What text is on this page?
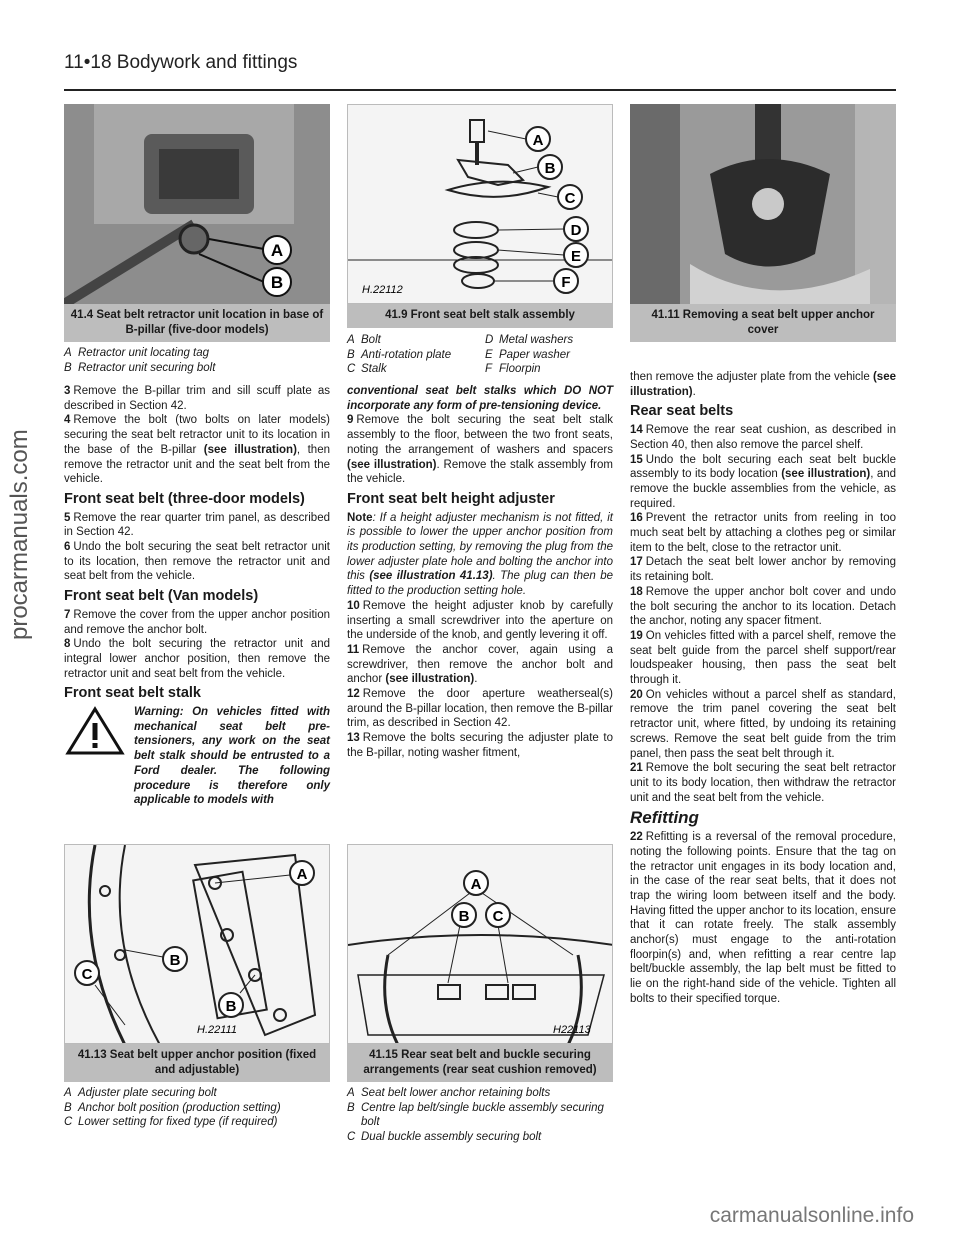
11•18 Bodywork and fittings
A
B
41.4 Seat belt retractor unit location in base of B-pillar (five-door models)
A Retractor unit locating tag
B Retractor unit securing bolt
A
B
C
D
E
F
H.22112
41.9 Front seat belt stalk assembly
A Bolt	D Metal washers
B Anti-rotation plate	E Paper washer
C Stalk	F Floorpin
41.11 Removing a seat belt upper anchor cover

3 Remove the B-pillar trim and sill scuff plate as described in Section 42.

4 Remove the bolt (two bolts on later models) securing the seat belt retractor unit to its location in the base of the B-pillar (see illustration), then remove the retractor unit and the seat belt from the vehicle.

Front seat belt (three-door models)

5 Remove the rear quarter trim panel, as described in Section 42.

6 Undo the bolt securing the seat belt retractor unit to its location, then remove the retractor unit and seat belt from the vehicle.

Front seat belt (Van models)

7 Remove the cover from the upper anchor position and remove the anchor bolt.

8 Undo the bolt securing the retractor unit and integral lower anchor position, then remove the retractor unit and seat belt from the vehicle.

Front seat belt stalk

Warning: On vehicles fitted with mechanical seat belt pre-tensioners, any work on the seat belt stalk should be entrusted to a Ford dealer. The following procedure is therefore only applicable to models with

conventional seat belt stalks which DO NOT incorporate any form of pre-tensioning device.

9 Remove the bolt securing the seat belt stalk assembly to the floor, between the two front seats, noting the arrangement of washers and spacers (see illustration). Remove the stalk assembly from the vehicle.

Front seat belt height adjuster

Note: If a height adjuster mechanism is not fitted, it is possible to lower the upper anchor position from its production setting, by removing the plug from the lower adjuster plate hole and bolting the anchor into this (see illustration 41.13). The plug can then be fitted to the production setting hole.

10 Remove the height adjuster knob by carefully inserting a small screwdriver into the aperture on the underside of the knob, and gently levering it off.

11 Remove the anchor cover, again using a screwdriver, then remove the anchor bolt and anchor (see illustration).

12 Remove the door aperture weatherseal(s) around the B-pillar location, then remove the B-pillar trim, as described in Section 42.

13 Remove the bolts securing the adjuster plate to the B-pillar, noting washer fitment,

then remove the adjuster plate from the vehicle (see illustration).

Rear seat belts

14 Remove the rear seat cushion, as described in Section 40, then also remove the parcel shelf.

15 Undo the bolt securing each seat belt buckle assembly to its body location (see illustration), and remove the buckle assemblies from the vehicle, as required.

16 Prevent the retractor units from reeling in too much seat belt by attaching a clothes peg or similar item to the belt, close to the retractor unit.

17 Detach the seat belt lower anchor by removing its retaining bolt.

18 Remove the upper anchor bolt cover and undo the bolt securing the anchor to its location. Detach the anchor, noting any spacer fitment.

19 On vehicles fitted with a parcel shelf, remove the seat belt guide from the parcel shelf support/rear loudspeaker housing, then pass the seat belt through it.

20 On vehicles without a parcel shelf as standard, remove the trim panel covering the seat belt retractor unit, where fitted, by undoing its retaining screws. Remove the seat belt guide from the trim panel, then pass the seat belt through it.

21 Remove the bolt securing the seat belt retractor unit to its body location, then withdraw the retractor unit and the seat belt from the vehicle.

Refitting

22 Refitting is a reversal of the removal procedure, noting the following points. Ensure that the tag on the retractor unit engages in its body location and, in the case of the rear seat belts, that it does not trap the wiring loom between itself and the body. Having fitted the upper anchor to its location, ensure that it can rotate freely. The stalk assembly anchor(s) must engage to the anti-rotation floorpin(s) and, when refitting a rear centre lap belt/buckle assembly, the lap belt must be fitted to lie on the right-hand side of the vehicle. Tighten all bolts to their specified torque.

A
B
B
C
H.22111
41.13 Seat belt upper anchor position (fixed and adjustable)
A Adjuster plate securing bolt
B Anchor bolt position (production setting)
C Lower setting for fixed type (if required)
A
B C
H22113
41.15 Rear seat belt and buckle securing arrangements (rear seat cushion removed)
A Seat belt lower anchor retaining bolts
B Centre lap belt/single buckle assembly securing bolt
C Dual buckle assembly securing bolt
procarmanuals.com
carmanualsonline.info
